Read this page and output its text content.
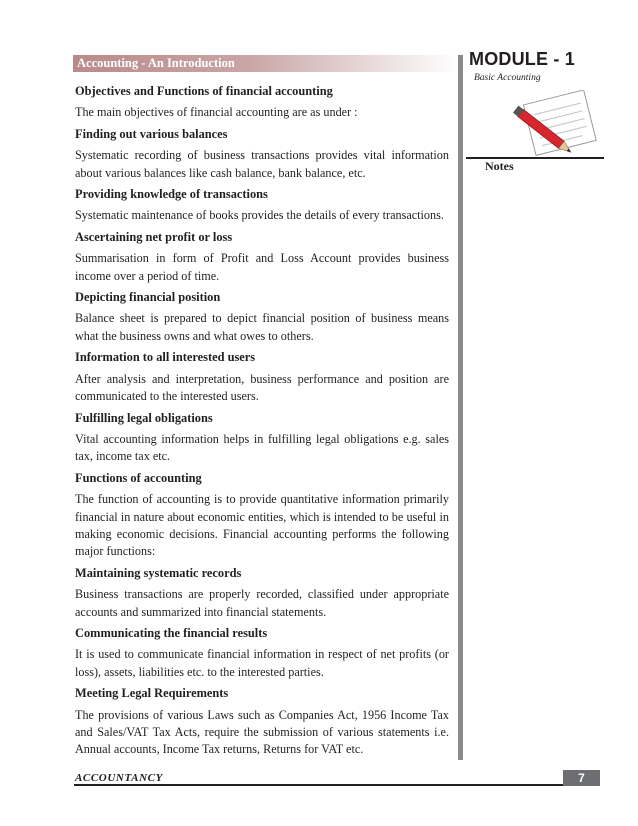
Accounting - An Introduction	MODULE - 1
Basic Accounting
Notes
Objectives and Functions of financial accounting

The main objectives of financial accounting are as under :

Finding out various balances

Systematic recording of business transactions provides vital information about various balances like cash balance, bank balance, etc.

Providing knowledge of transactions

Systematic maintenance of books provides the details of every transactions.

Ascertaining net profit or loss

Summarisation in form of Profit and Loss Account provides business income over a period of time.

Depicting financial position

Balance sheet is prepared to depict financial position of business means what the business owns and what owes to others.

Information to all interested users

After analysis and interpretation, business performance and position are communicated to the interested users.

Fulfilling legal obligations

Vital accounting information helps in fulfilling legal obligations e.g. sales tax, income tax etc.

Functions of accounting

The function of accounting is to provide quantitative information primarily financial in nature about economic entities, which is intended to be useful in making economic decisions. Financial accounting performs the following major functions:

Maintaining systematic records

Business transactions are properly recorded, classified under appropriate accounts and summarized into financial statements.

Communicating the financial results

It is used to communicate financial information in respect of net profits (or loss), assets, liabilities etc. to the interested parties.

Meeting Legal Requirements

The provisions of various Laws such as Companies Act, 1956 Income Tax and Sales/VAT Tax Acts, require the submission of various statements i.e. Annual accounts, Income Tax returns, Returns for VAT etc.

ACCOUNTANCY	7
